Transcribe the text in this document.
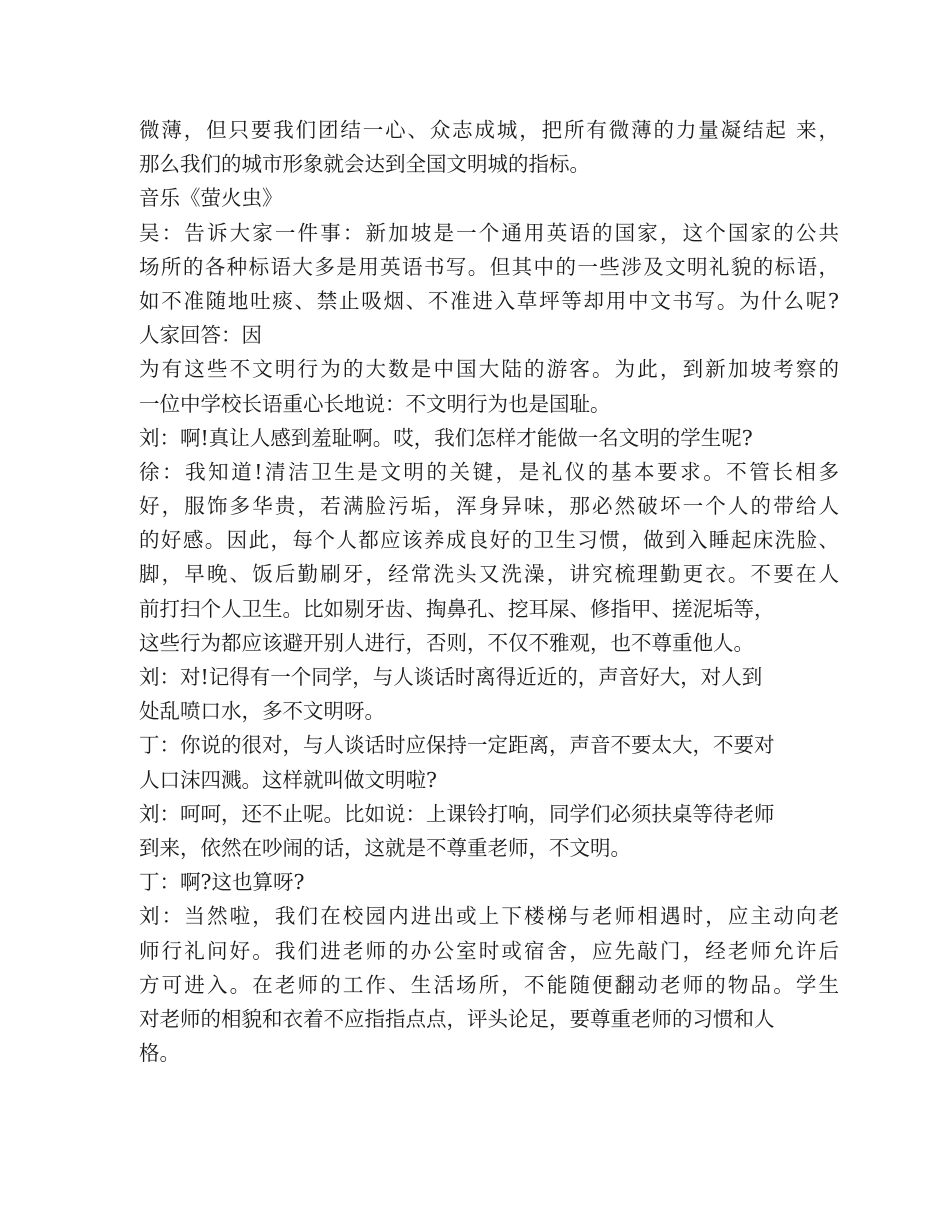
微薄，但只要我们团结一心、众志成城，把所有微薄的力量凝结起 来，
那么我们的城市形象就会达到全国文明城的指标。
音乐《萤火虫》
吴：告诉大家一件事：新加坡是一个通用英语的国家，这个国家的公共
场所的各种标语大多是用英语书写。但其中的一些涉及文明礼貌的标语，
如不准随地吐痰、禁止吸烟、不准进入草坪等却用中文书写。为什么呢?
人家回答：因
为有这些不文明行为的大数是中国大陆的游客。为此，到新加坡考察的
一位中学校长语重心长地说：不文明行为也是国耻。
刘：啊!真让人感到羞耻啊。哎，我们怎样才能做一名文明的学生呢?
徐：我知道!清洁卫生是文明的关键，是礼仪的基本要求。不管长相多
好，服饰多华贵，若满脸污垢，浑身异味，那必然破坏一个人的带给人
的好感。因此，每个人都应该养成良好的卫生习惯，做到入睡起床洗脸、
脚，早晚、饭后勤刷牙，经常洗头又洗澡，讲究梳理勤更衣。不要在人
前打扫个人卫生。比如剔牙齿、掏鼻孔、挖耳屎、修指甲、搓泥垢等，
这些行为都应该避开别人进行，否则，不仅不雅观，也不尊重他人。
刘：对!记得有一个同学，与人谈话时离得近近的，声音好大，对人到
处乱喷口水，多不文明呀。
丁：你说的很对，与人谈话时应保持一定距离，声音不要太大，不要对
人口沫四溅。这样就叫做文明啦?
刘：呵呵，还不止呢。比如说：上课铃打响，同学们必须扶桌等待老师
到来，依然在吵闹的话，这就是不尊重老师，不文明。
丁：啊?这也算呀?
刘：当然啦，我们在校园内进出或上下楼梯与老师相遇时，应主动向老
师行礼问好。我们进老师的办公室时或宿舍，应先敲门，经老师允许后
方可进入。在老师的工作、生活场所，不能随便翻动老师的物品。学生
对老师的相貌和衣着不应指指点点，评头论足，要尊重老师的习惯和人
格。
